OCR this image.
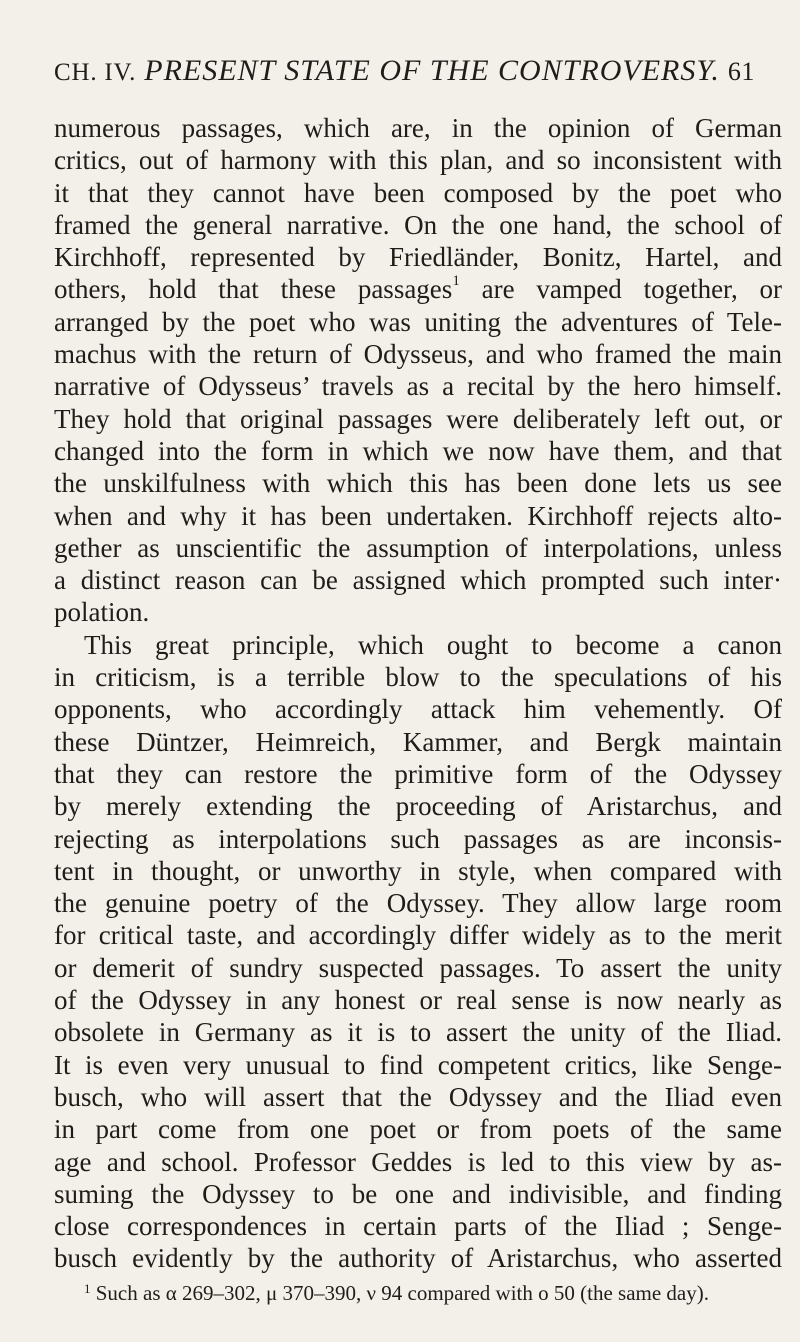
CH. IV. PRESENT STATE OF THE CONTROVERSY. 61
numerous passages, which are, in the opinion of German
critics, out of harmony with this plan, and so inconsistent with
it that they cannot have been composed by the poet who
framed the general narrative. On the one hand, the school of
Kirchhoff, represented by Friedländer, Bonitz, Hartel, and
others, hold that these passages$^1$ are vamped together, or
arranged by the poet who was uniting the adventures of Tele-
machus with the return of Odysseus, and who framed the main
narrative of Odysseus’ travels as a recital by the hero himself.
They hold that original passages were deliberately left out, or
changed into the form in which we now have them, and that
the unskilfulness with which this has been done lets us see
when and why it has been undertaken. Kirchhoff rejects alto-
gether as unscientific the assumption of interpolations, unless
a distinct reason can be assigned which prompted such inter·
polation.
This great principle, which ought to become a canon
in criticism, is a terrible blow to the speculations of his
opponents, who accordingly attack him vehemently. Of
these Düntzer, Heimreich, Kammer, and Bergk maintain
that they can restore the primitive form of the Odyssey
by merely extending the proceeding of Aristarchus, and
rejecting as interpolations such passages as are inconsis-
tent in thought, or unworthy in style, when compared with
the genuine poetry of the Odyssey. They allow large room
for critical taste, and accordingly differ widely as to the merit
or demerit of sundry suspected passages. To assert the unity
of the Odyssey in any honest or real sense is now nearly as
obsolete in Germany as it is to assert the unity of the Iliad.
It is even very unusual to find competent critics, like Senge-
busch, who will assert that the Odyssey and the Iliad even
in part come from one poet or from poets of the same
age and school. Professor Geddes is led to this view by as-
suming the Odyssey to be one and indivisible, and finding
close correspondences in certain parts of the Iliad ; Senge-
busch evidently by the authority of Aristarchus, who asserted
$^1$ Such as α 269–302, μ 370–390, ν 94 compared with ο 50 (the same day).
